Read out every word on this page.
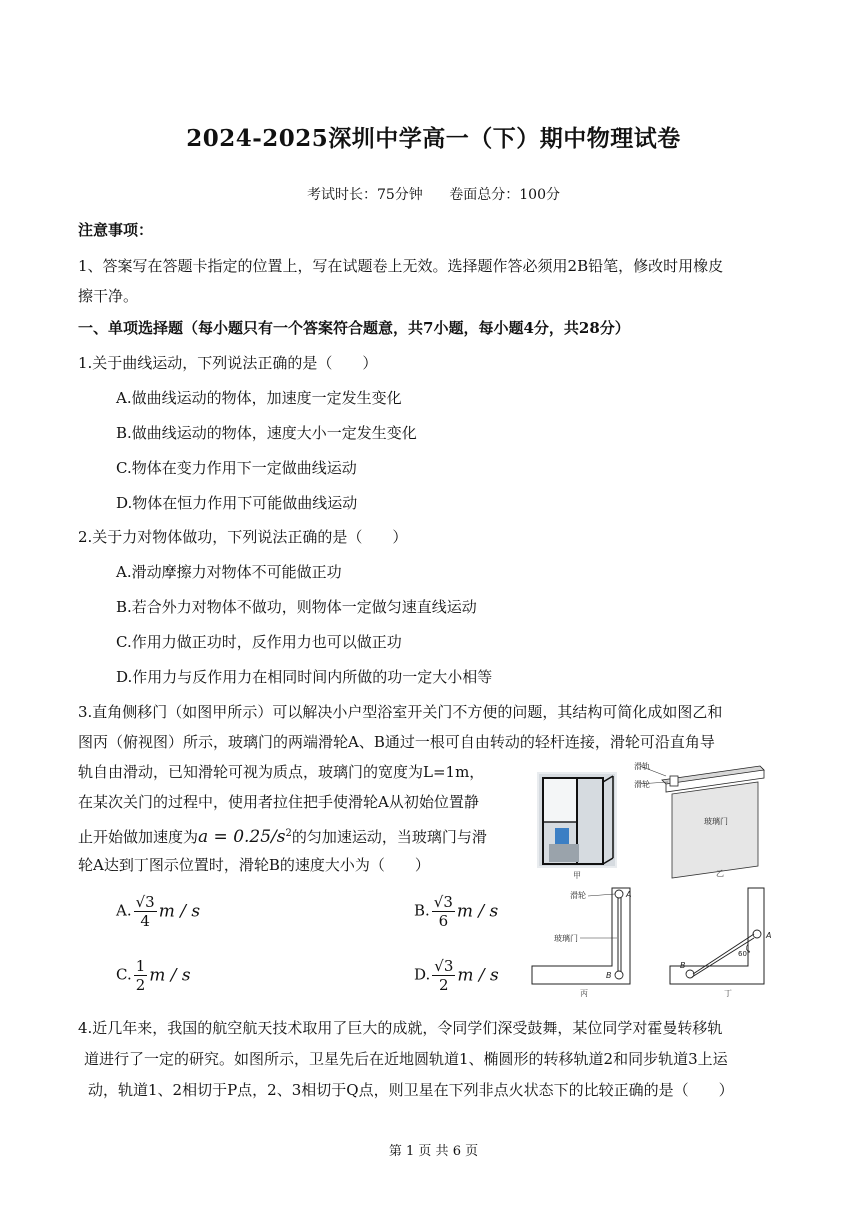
2024-2025深圳中学高一（下）期中物理试卷
考试时长：75分钟 卷面总分：100分
注意事项：
1、答案写在答题卡指定的位置上，写在试题卷上无效。选择题作答必须用2B铅笔，修改时用橡皮
擦干净。
一、单项选择题（每小题只有一个答案符合题意，共7小题，每小题4分，共28分）
1.关于曲线运动，下列说法正确的是（　　）
A.做曲线运动的物体，加速度一定发生变化
B.做曲线运动的物体，速度大小一定发生变化
C.物体在变力作用下一定做曲线运动
D.物体在恒力作用下可能做曲线运动
2.关于力对物体做功，下列说法正确的是（　　）
A.滑动摩擦力对物体不可能做正功
B.若合外力对物体不做功，则物体一定做匀速直线运动
C.作用力做正功时，反作用力也可以做正功
D.作用力与反作用力在相同时间内所做的功一定大小相等
3.直角侧移门（如图甲所示）可以解决小户型浴室开关门不方便的问题，其结构可简化成如图乙和
图丙（俯视图）所示，玻璃门的两端滑轮A、B通过一根可自由转动的轻杆连接，滑轮可沿直角导
轨自由滑动，已知滑轮可视为质点，玻璃门的宽度为L=1m，
在某次关门的过程中，使用者拉住把手使滑轮A从初始位置静
止开始做加速度为$a = 0.25/s^2$的匀加速运动，当玻璃门与滑
轮A达到丁图示位置时，滑轮B的速度大小为（　　）
A. $\frac{√3}{4}$ m / s	B. $\frac{√3}{6}$ m / s
C. $\frac{1}{2}$ m / s	D. $\frac{√3}{2}$ m / s
甲
滑轮
滑轨
玻璃门
乙
滑轮
玻璃门
A
B
丙
A
B
60°
丁
4.近几年来，我国的航空航天技术取用了巨大的成就，令同学们深受鼓舞，某位同学对霍曼转移轨
道进行了一定的研究。如图所示，卫星先后在近地圆轨道1、椭圆形的转移轨道2和同步轨道3上运
动，轨道1、2相切于P点，2、3相切于Q点，则卫星在下列非点火状态下的比较正确的是（　　）
第 1 页 共 6 页
